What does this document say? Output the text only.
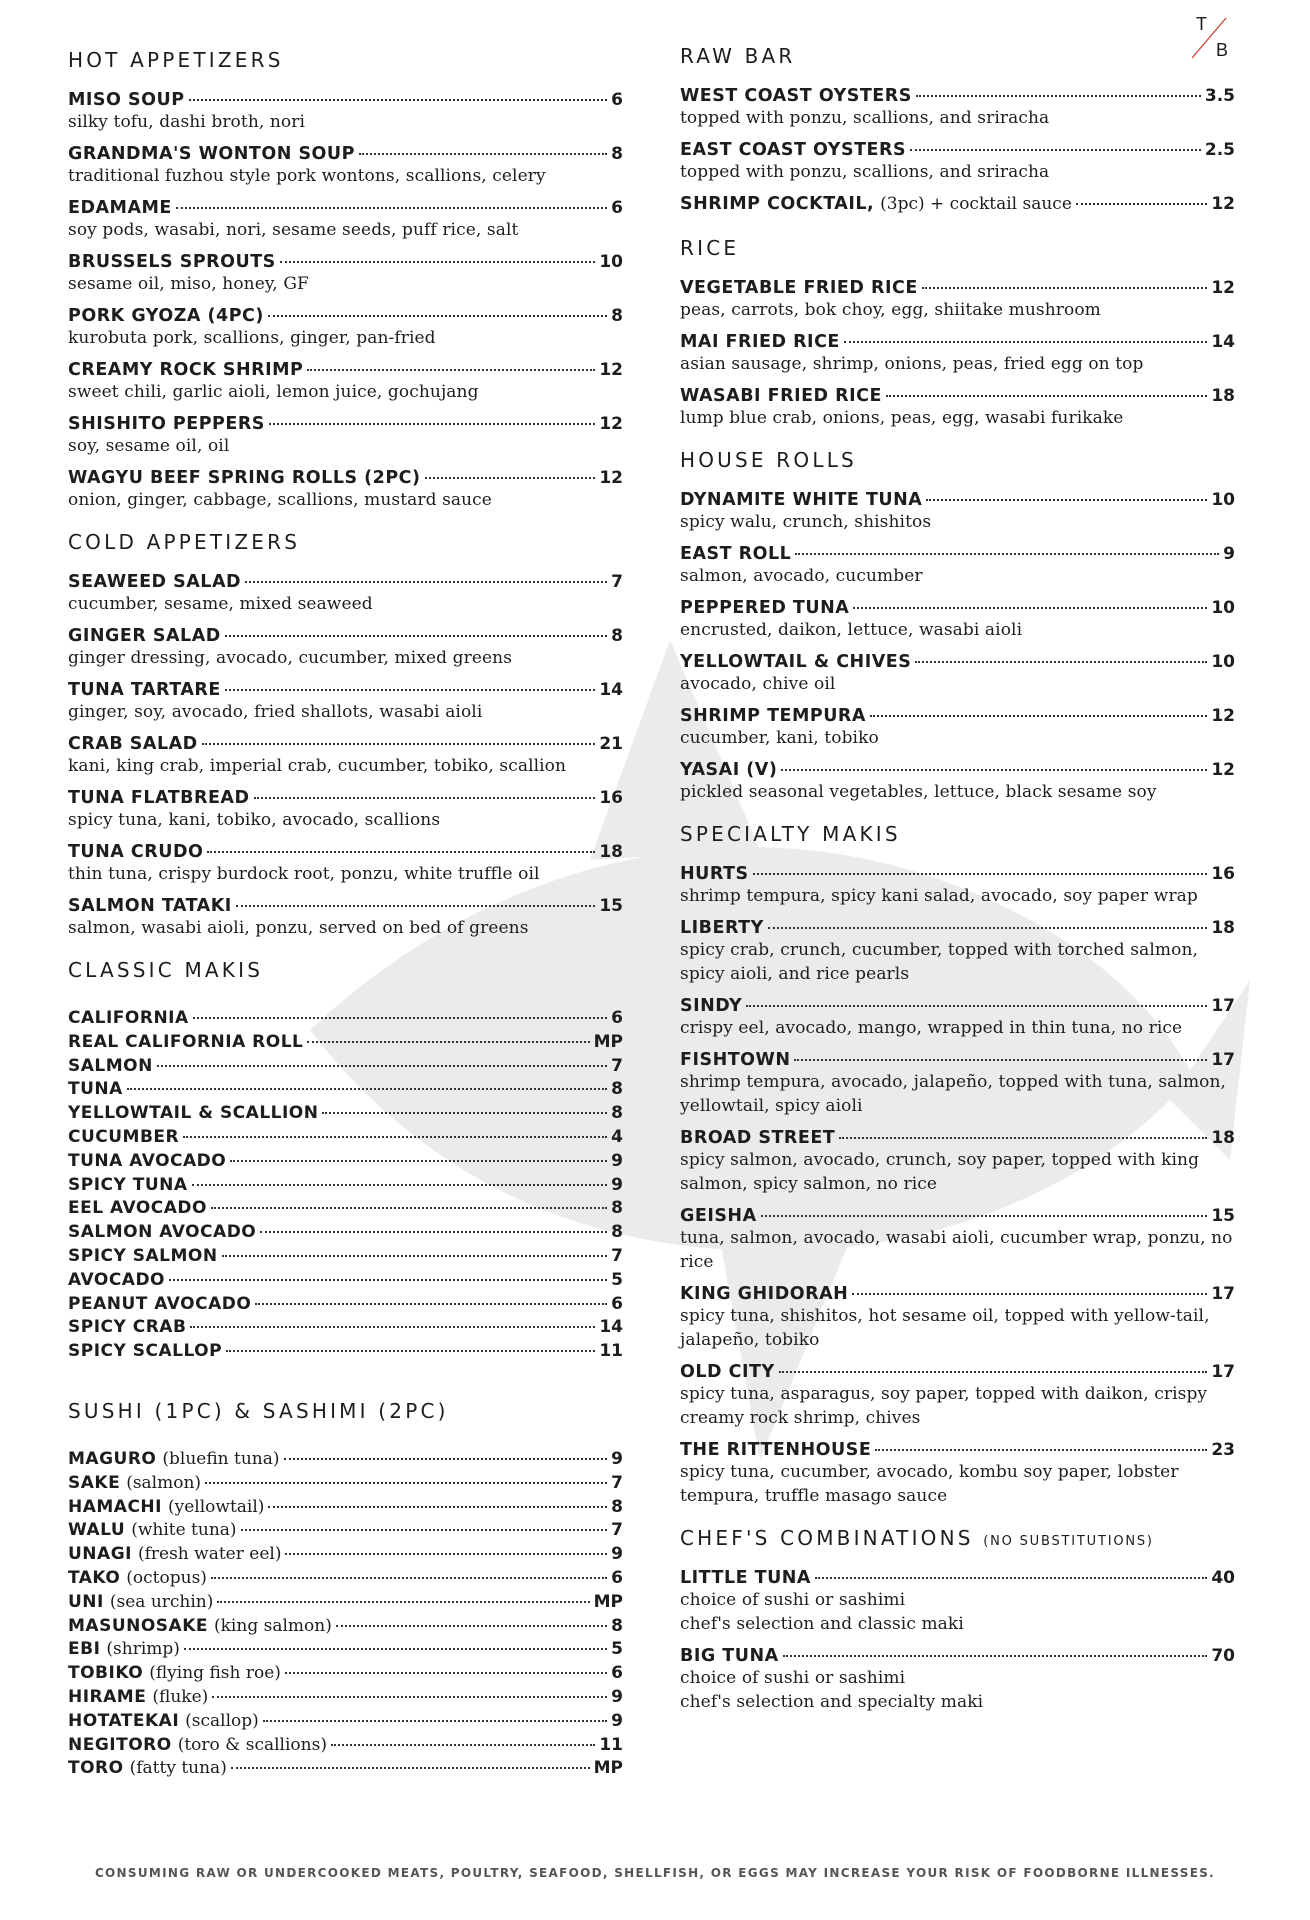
T
B
HOT APPETIZERS
MISO SOUP	6
silky tofu, dashi broth, nori
GRANDMA'S WONTON SOUP	8
traditional fuzhou style pork wontons, scallions, celery
EDAMAME	6
soy pods, wasabi, nori, sesame seeds, puff rice, salt
BRUSSELS SPROUTS	10
sesame oil, miso, honey, GF
PORK GYOZA (4PC)	8
kurobuta pork, scallions, ginger, pan-fried
CREAMY ROCK SHRIMP	12
sweet chili, garlic aioli, lemon juice, gochujang
SHISHITO PEPPERS	12
soy, sesame oil, oil
WAGYU BEEF SPRING ROLLS (2PC)	12
onion, ginger, cabbage, scallions, mustard sauce
COLD APPETIZERS
SEAWEED SALAD	7
cucumber, sesame, mixed seaweed
GINGER SALAD	8
ginger dressing, avocado, cucumber, mixed greens
TUNA TARTARE	14
ginger, soy, avocado, fried shallots, wasabi aioli
CRAB SALAD	21
kani, king crab, imperial crab, cucumber, tobiko, scallion
TUNA FLATBREAD	16
spicy tuna, kani, tobiko, avocado, scallions
TUNA CRUDO	18
thin tuna, crispy burdock root, ponzu, white truffle oil
SALMON TATAKI	15
salmon, wasabi aioli, ponzu, served on bed of greens
CLASSIC MAKIS
CALIFORNIA	6
REAL CALIFORNIA ROLL	MP
SALMON	7
TUNA	8
YELLOWTAIL & SCALLION	8
CUCUMBER	4
TUNA AVOCADO	9
SPICY TUNA	9
EEL AVOCADO	8
SALMON AVOCADO	8
SPICY SALMON	7
AVOCADO	5
PEANUT AVOCADO	6
SPICY CRAB	14
SPICY SCALLOP	11
SUSHI (1PC) & SASHIMI (2PC)
MAGURO (bluefin tuna)	9
SAKE (salmon)	7
HAMACHI (yellowtail)	8
WALU (white tuna)	7
UNAGI (fresh water eel)	9
TAKO (octopus)	6
UNI (sea urchin)	MP
MASUNOSAKE (king salmon)	8
EBI (shrimp)	5
TOBIKO (flying fish roe)	6
HIRAME (fluke)	9
HOTATEKAI (scallop)	9
NEGITORO (toro & scallions)	11
TORO (fatty tuna)	MP
RAW BAR
WEST COAST OYSTERS	3.5
topped with ponzu, scallions, and sriracha
EAST COAST OYSTERS	2.5
topped with ponzu, scallions, and sriracha
SHRIMP COCKTAIL, (3pc) + cocktail sauce	12
RICE
VEGETABLE FRIED RICE	12
peas, carrots, bok choy, egg, shiitake mushroom
MAI FRIED RICE	14
asian sausage, shrimp, onions, peas, fried egg on top
WASABI FRIED RICE	18
lump blue crab, onions, peas, egg, wasabi furikake
HOUSE ROLLS
DYNAMITE WHITE TUNA	10
spicy walu, crunch, shishitos
EAST ROLL	9
salmon, avocado, cucumber
PEPPERED TUNA	10
encrusted, daikon, lettuce, wasabi aioli
YELLOWTAIL & CHIVES	10
avocado, chive oil
SHRIMP TEMPURA	12
cucumber, kani, tobiko
YASAI (V)	12
pickled seasonal vegetables, lettuce, black sesame soy
SPECIALTY MAKIS
HURTS	16
shrimp tempura, spicy kani salad, avocado, soy paper wrap
LIBERTY	18
spicy crab, crunch, cucumber, topped with torched salmon, spicy aioli, and rice pearls
SINDY	17
crispy eel, avocado, mango, wrapped in thin tuna, no rice
FISHTOWN	17
shrimp tempura, avocado, jalapeño, topped with tuna, salmon, yellowtail, spicy aioli
BROAD STREET	18
spicy salmon, avocado, crunch, soy paper, topped with king salmon, spicy salmon, no rice
GEISHA	15
tuna, salmon, avocado, wasabi aioli, cucumber wrap, ponzu, no rice
KING GHIDORAH	17
spicy tuna, shishitos, hot sesame oil, topped with yellow-tail, jalapeño, tobiko
OLD CITY	17
spicy tuna, asparagus, soy paper, topped with daikon, crispy creamy rock shrimp, chives
THE RITTENHOUSE	23
spicy tuna, cucumber, avocado, kombu soy paper, lobster tempura, truffle masago sauce
CHEF'S COMBINATIONS (NO SUBSTITUTIONS)
LITTLE TUNA	40
choice of sushi or sashimi
chef's selection and classic maki
BIG TUNA	70
choice of sushi or sashimi
chef's selection and specialty maki
CONSUMING RAW OR UNDERCOOKED MEATS, POULTRY, SEAFOOD, SHELLFISH, OR EGGS MAY INCREASE YOUR RISK OF FOODBORNE ILLNESSES.
